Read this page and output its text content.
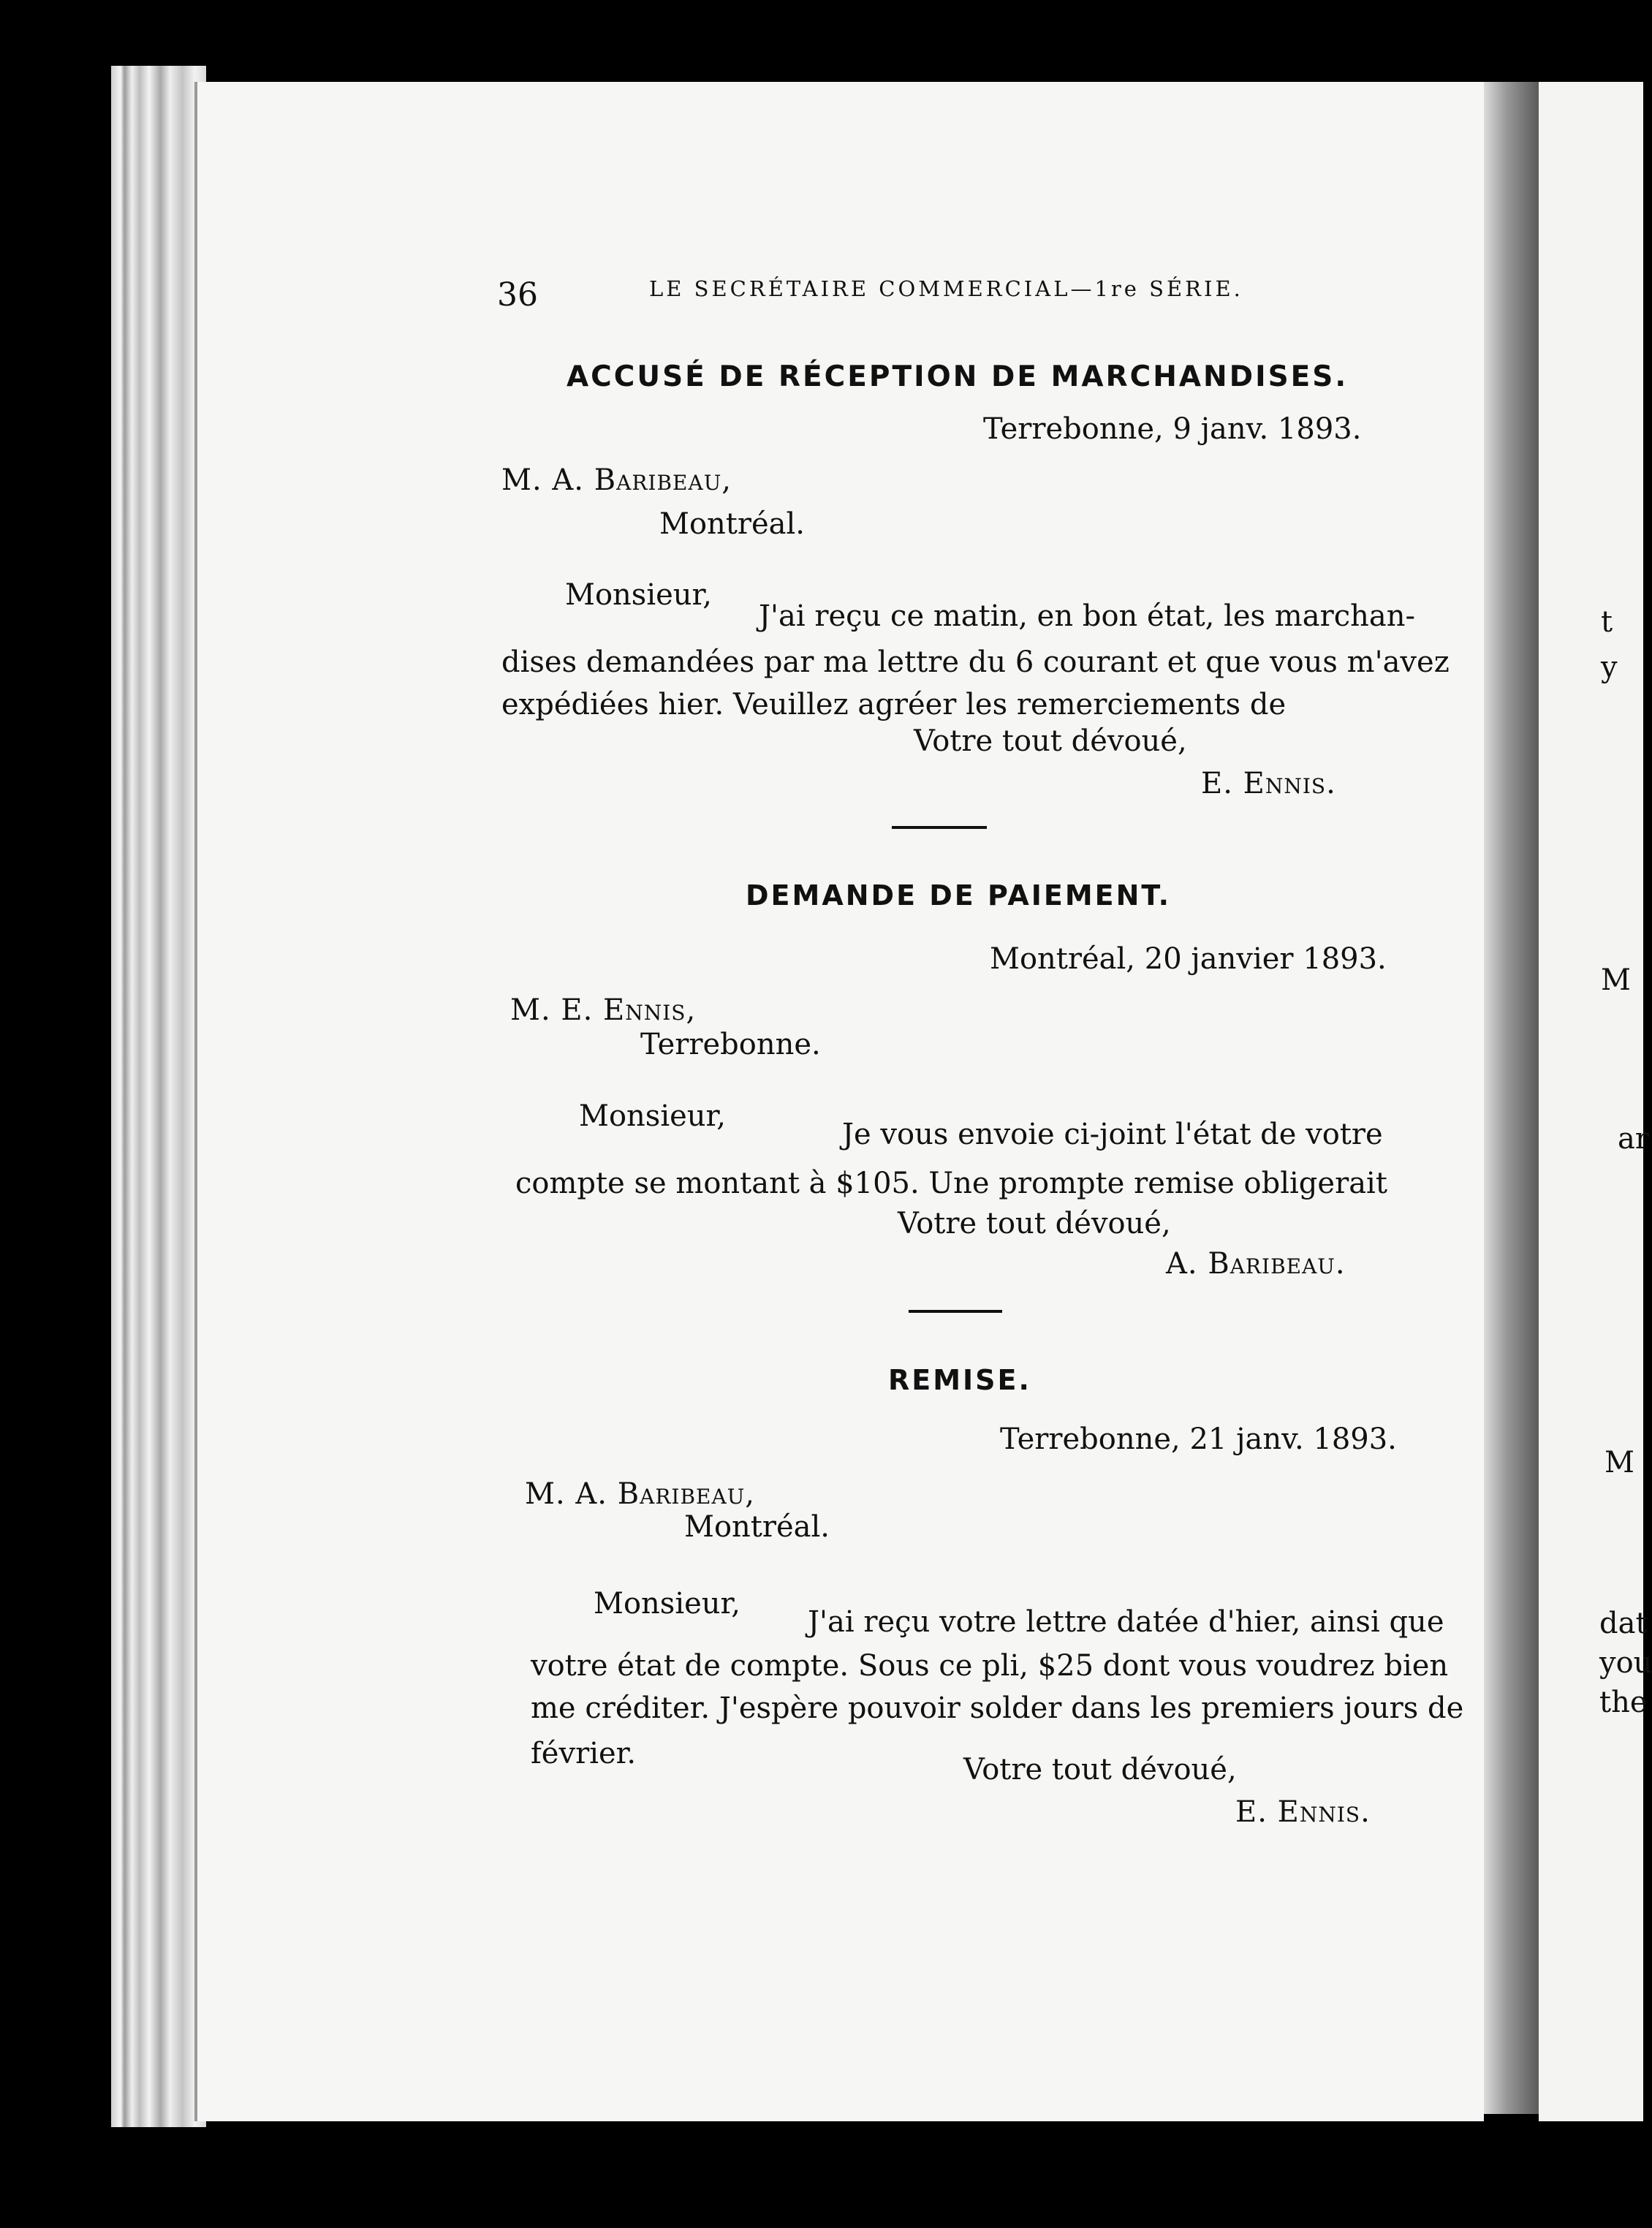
t
y
M
ar
M
dat
you
the
36	LE SECRÉTAIRE COMMERCIAL—1re SÉRIE.
ACCUSÉ DE RÉCEPTION DE MARCHANDISES.
Terrebonne, 9 janv. 1893.
M. A. Baribeau,
Montréal.
Monsieur,
J'ai reçu ce matin, en bon état, les marchan-
dises demandées par ma lettre du 6 courant et que vous m'avez
expédiées hier. Veuillez agréer les remerciements de
Votre tout dévoué,
E. Ennis.
DEMANDE DE PAIEMENT.
Montréal, 20 janvier 1893.
M. E. Ennis,
Terrebonne.
Monsieur,
Je vous envoie ci-joint l'état de votre
compte se montant à $105. Une prompte remise obligerait
Votre tout dévoué,
A. Baribeau.
REMISE.
Terrebonne, 21 janv. 1893.
M. A. Baribeau,
Montréal.
Monsieur,
J'ai reçu votre lettre datée d'hier, ainsi que
votre état de compte. Sous ce pli, $25 dont vous voudrez bien
me créditer. J'espère pouvoir solder dans les premiers jours de
février.	Votre tout dévoué,
E. Ennis.
